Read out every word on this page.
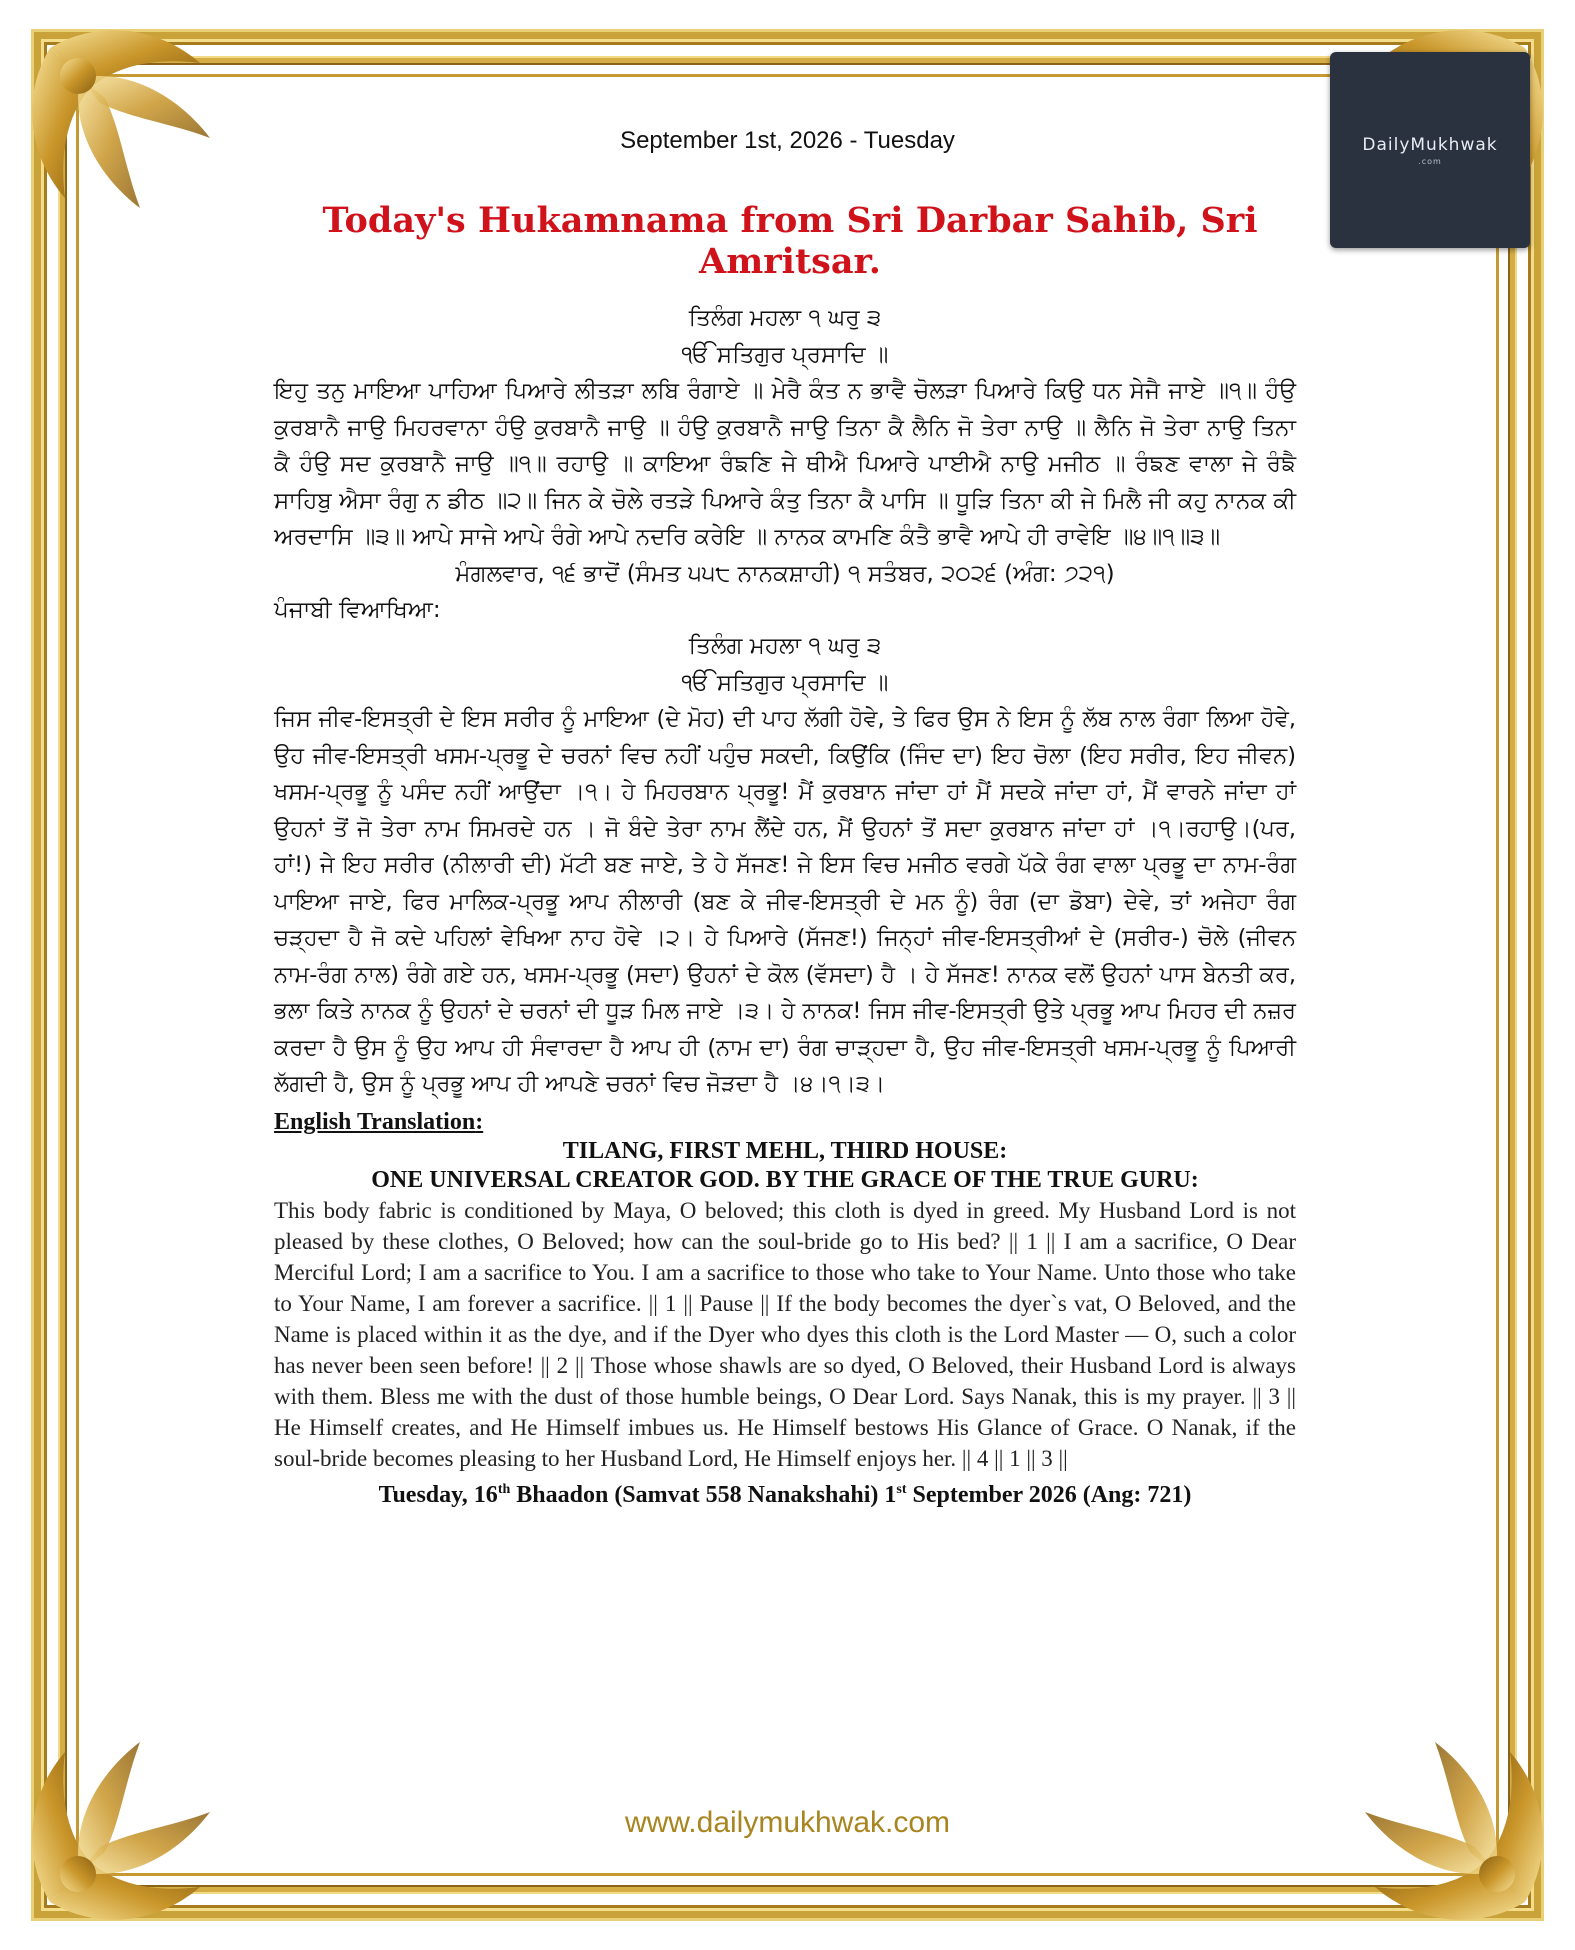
DailyMukhwak
.com
September 1st, 2026 - Tuesday
Today's Hukamnama from Sri Darbar Sahib, Sri Amritsar.
ਤਿਲੰਗ ਮਹਲਾ ੧ ਘਰੁ ੩
ੴ ਸਤਿਗੁਰ ਪ੍ਰਸਾਦਿ ॥
ਇਹੁ ਤਨੁ ਮਾਇਆ ਪਾਹਿਆ ਪਿਆਰੇ ਲੀਤੜਾ ਲਬਿ ਰੰਗਾਏ ॥ ਮੇਰੈ ਕੰਤ ਨ ਭਾਵੈ ਚੋਲੜਾ ਪਿਆਰੇ ਕਿਉ ਧਨ ਸੇਜੈ ਜਾਏ ॥੧॥ ਹੰਉ ਕੁਰਬਾਨੈ ਜਾਉ ਮਿਹਰਵਾਨਾ ਹੰਉ ਕੁਰਬਾਨੈ ਜਾਉ ॥ ਹੰਉ ਕੁਰਬਾਨੈ ਜਾਉ ਤਿਨਾ ਕੈ ਲੈਨਿ ਜੋ ਤੇਰਾ ਨਾਉ ॥ ਲੈਨਿ ਜੋ ਤੇਰਾ ਨਾਉ ਤਿਨਾ ਕੈ ਹੰਉ ਸਦ ਕੁਰਬਾਨੈ ਜਾਉ ॥੧॥ ਰਹਾਉ ॥ ਕਾਇਆ ਰੰਙਣਿ ਜੇ ਥੀਐ ਪਿਆਰੇ ਪਾਈਐ ਨਾਉ ਮਜੀਠ ॥ ਰੰਙਣ ਵਾਲਾ ਜੇ ਰੰਙੈ ਸਾਹਿਬੁ ਐਸਾ ਰੰਗੁ ਨ ਡੀਠ ॥੨॥ ਜਿਨ ਕੇ ਚੋਲੇ ਰਤੜੇ ਪਿਆਰੇ ਕੰਤੁ ਤਿਨਾ ਕੈ ਪਾਸਿ ॥ ਧੂੜਿ ਤਿਨਾ ਕੀ ਜੇ ਮਿਲੈ ਜੀ ਕਹੁ ਨਾਨਕ ਕੀ ਅਰਦਾਸਿ ॥੩॥ ਆਪੇ ਸਾਜੇ ਆਪੇ ਰੰਗੇ ਆਪੇ ਨਦਰਿ ਕਰੇਇ ॥ ਨਾਨਕ ਕਾਮਣਿ ਕੰਤੈ ਭਾਵੈ ਆਪੇ ਹੀ ਰਾਵੇਇ ॥੪॥੧॥੩॥
ਮੰਗਲਵਾਰ, ੧੬ ਭਾਦੋਂ (ਸੰਮਤ ੫੫੮ ਨਾਨਕਸ਼ਾਹੀ) ੧ ਸਤੰਬਰ, ੨੦੨੬ (ਅੰਗ: ੭੨੧)
ਪੰਜਾਬੀ ਵਿਆਖਿਆ:
ਤਿਲੰਗ ਮਹਲਾ ੧ ਘਰੁ ੩
ੴ ਸਤਿਗੁਰ ਪ੍ਰਸਾਦਿ ॥
ਜਿਸ ਜੀਵ-ਇਸਤ੍ਰੀ ਦੇ ਇਸ ਸਰੀਰ ਨੂੰ ਮਾਇਆ (ਦੇ ਮੋਹ) ਦੀ ਪਾਹ ਲੱਗੀ ਹੋਵੇ, ਤੇ ਫਿਰ ਉਸ ਨੇ ਇਸ ਨੂੰ ਲੱਬ ਨਾਲ ਰੰਗਾ ਲਿਆ ਹੋਵੇ, ਉਹ ਜੀਵ-ਇਸਤ੍ਰੀ ਖਸਮ-ਪ੍ਰਭੂ ਦੇ ਚਰਨਾਂ ਵਿਚ ਨਹੀਂ ਪਹੁੰਚ ਸਕਦੀ, ਕਿਉਂਕਿ (ਜਿੰਦ ਦਾ) ਇਹ ਚੋਲਾ (ਇਹ ਸਰੀਰ, ਇਹ ਜੀਵਨ) ਖਸਮ-ਪ੍ਰਭੂ ਨੂੰ ਪਸੰਦ ਨਹੀਂ ਆਉਂਦਾ ।੧। ਹੇ ਮਿਹਰਬਾਨ ਪ੍ਰਭੂ! ਮੈਂ ਕੁਰਬਾਨ ਜਾਂਦਾ ਹਾਂ ਮੈਂ ਸਦਕੇ ਜਾਂਦਾ ਹਾਂ, ਮੈਂ ਵਾਰਨੇ ਜਾਂਦਾ ਹਾਂ ਉਹਨਾਂ ਤੋਂ ਜੋ ਤੇਰਾ ਨਾਮ ਸਿਮਰਦੇ ਹਨ । ਜੋ ਬੰਦੇ ਤੇਰਾ ਨਾਮ ਲੈਂਦੇ ਹਨ, ਮੈਂ ਉਹਨਾਂ ਤੋਂ ਸਦਾ ਕੁਰਬਾਨ ਜਾਂਦਾ ਹਾਂ ।੧।ਰਹਾਉ।(ਪਰ, ਹਾਂ!) ਜੇ ਇਹ ਸਰੀਰ (ਨੀਲਾਰੀ ਦੀ) ਮੱਟੀ ਬਣ ਜਾਏ, ਤੇ ਹੇ ਸੱਜਣ! ਜੇ ਇਸ ਵਿਚ ਮਜੀਠ ਵਰਗੇ ਪੱਕੇ ਰੰਗ ਵਾਲਾ ਪ੍ਰਭੂ ਦਾ ਨਾਮ-ਰੰਗ ਪਾਇਆ ਜਾਏ, ਫਿਰ ਮਾਲਿਕ-ਪ੍ਰਭੂ ਆਪ ਨੀਲਾਰੀ (ਬਣ ਕੇ ਜੀਵ-ਇਸਤ੍ਰੀ ਦੇ ਮਨ ਨੂੰ) ਰੰਗ (ਦਾ ਡੋਬਾ) ਦੇਵੇ, ਤਾਂ ਅਜੇਹਾ ਰੰਗ ਚੜ੍ਹਦਾ ਹੈ ਜੋ ਕਦੇ ਪਹਿਲਾਂ ਵੇਖਿਆ ਨਾਹ ਹੋਵੇ ।੨। ਹੇ ਪਿਆਰੇ (ਸੱਜਣ!) ਜਿਨ੍ਹਾਂ ਜੀਵ-ਇਸਤ੍ਰੀਆਂ ਦੇ (ਸਰੀਰ-) ਚੋਲੇ (ਜੀਵਨ ਨਾਮ-ਰੰਗ ਨਾਲ) ਰੰਗੇ ਗਏ ਹਨ, ਖਸਮ-ਪ੍ਰਭੂ (ਸਦਾ) ਉਹਨਾਂ ਦੇ ਕੋਲ (ਵੱਸਦਾ) ਹੈ । ਹੇ ਸੱਜਣ! ਨਾਨਕ ਵਲੋਂ ਉਹਨਾਂ ਪਾਸ ਬੇਨਤੀ ਕਰ, ਭਲਾ ਕਿਤੇ ਨਾਨਕ ਨੂੰ ਉਹਨਾਂ ਦੇ ਚਰਨਾਂ ਦੀ ਧੂੜ ਮਿਲ ਜਾਏ ।੩। ਹੇ ਨਾਨਕ! ਜਿਸ ਜੀਵ-ਇਸਤ੍ਰੀ ਉਤੇ ਪ੍ਰਭੂ ਆਪ ਮਿਹਰ ਦੀ ਨਜ਼ਰ ਕਰਦਾ ਹੈ ਉਸ ਨੂੰ ਉਹ ਆਪ ਹੀ ਸੰਵਾਰਦਾ ਹੈ ਆਪ ਹੀ (ਨਾਮ ਦਾ) ਰੰਗ ਚਾੜ੍ਹਦਾ ਹੈ, ਉਹ ਜੀਵ-ਇਸਤ੍ਰੀ ਖਸਮ-ਪ੍ਰਭੂ ਨੂੰ ਪਿਆਰੀ ਲੱਗਦੀ ਹੈ, ਉਸ ਨੂੰ ਪ੍ਰਭੂ ਆਪ ਹੀ ਆਪਣੇ ਚਰਨਾਂ ਵਿਚ ਜੋੜਦਾ ਹੈ ।੪।੧।੩।
English Translation:
TILANG, FIRST MEHL, THIRD HOUSE:
ONE UNIVERSAL CREATOR GOD. BY THE GRACE OF THE TRUE GURU:
This body fabric is conditioned by Maya, O beloved; this cloth is dyed in greed. My Husband Lord is not pleased by these clothes, O Beloved; how can the soul-bride go to His bed? || 1 || I am a sacrifice, O Dear Merciful Lord; I am a sacrifice to You. I am a sacrifice to those who take to Your Name. Unto those who take to Your Name, I am forever a sacrifice. || 1 || Pause || If the body becomes the dyer`s vat, O Beloved, and the Name is placed within it as the dye, and if the Dyer who dyes this cloth is the Lord Master — O, such a color has never been seen before! || 2 || Those whose shawls are so dyed, O Beloved, their Husband Lord is always with them. Bless me with the dust of those humble beings, O Dear Lord. Says Nanak, this is my prayer. || 3 || He Himself creates, and He Himself imbues us. He Himself bestows His Glance of Grace. O Nanak, if the soul-bride becomes pleasing to her Husband Lord, He Himself enjoys her. || 4 || 1 || 3 ||
Tuesday, 16th Bhaadon (Samvat 558 Nanakshahi) 1st September 2026 (Ang: 721)
www.dailymukhwak.com
